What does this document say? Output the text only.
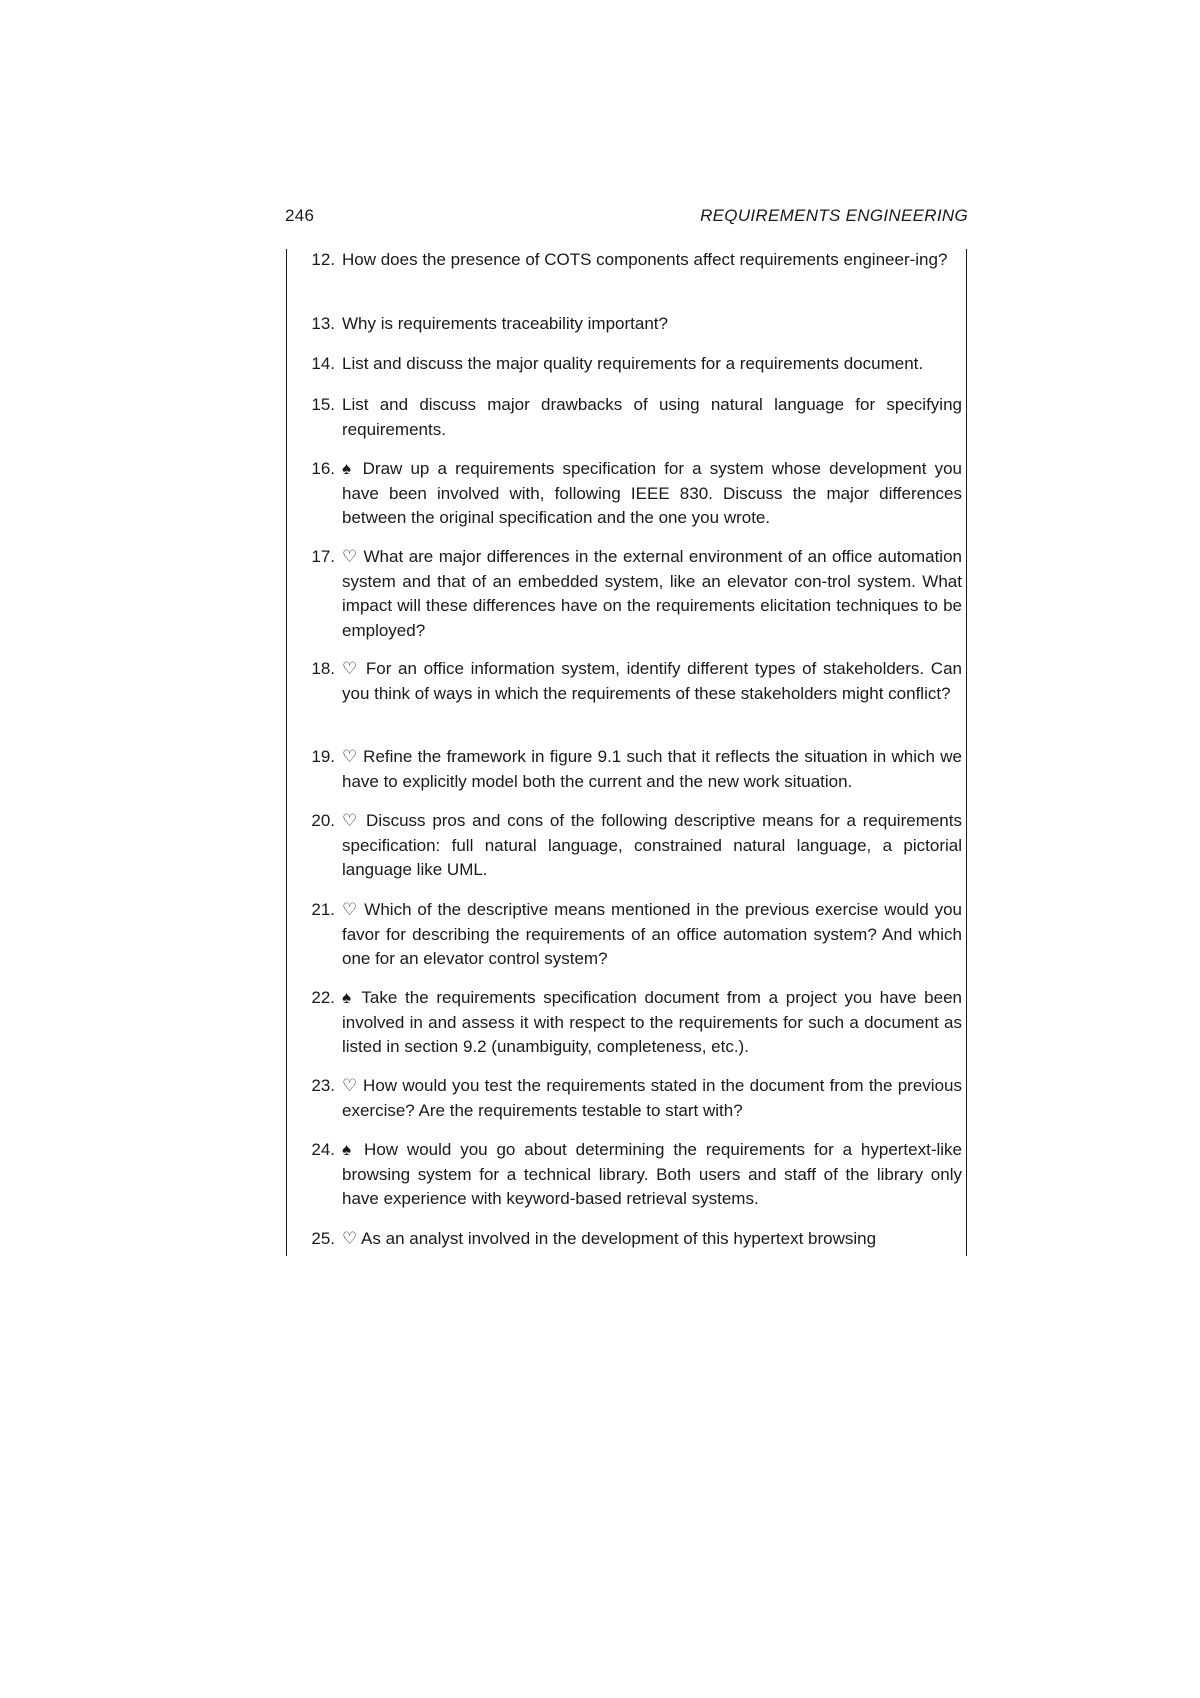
246	REQUIREMENTS ENGINEERING
12. How does the presence of COTS components affect requirements engineer-ing?
13. Why is requirements traceability important?
14. List and discuss the major quality requirements for a requirements document.
15. List and discuss major drawbacks of using natural language for specifying requirements.
16. ♠ Draw up a requirements specification for a system whose development you have been involved with, following IEEE 830. Discuss the major differences between the original specification and the one you wrote.
17. ♡ What are major differences in the external environment of an office automation system and that of an embedded system, like an elevator con-trol system. What impact will these differences have on the requirements elicitation techniques to be employed?
18. ♡ For an office information system, identify different types of stakeholders. Can you think of ways in which the requirements of these stakeholders might conflict?
19. ♡ Refine the framework in figure 9.1 such that it reflects the situation in which we have to explicitly model both the current and the new work situation.
20. ♡ Discuss pros and cons of the following descriptive means for a requirements specification: full natural language, constrained natural language, a pictorial language like UML.
21. ♡ Which of the descriptive means mentioned in the previous exercise would you favor for describing the requirements of an office automation system? And which one for an elevator control system?
22. ♠ Take the requirements specification document from a project you have been involved in and assess it with respect to the requirements for such a document as listed in section 9.2 (unambiguity, completeness, etc.).
23. ♡ How would you test the requirements stated in the document from the previous exercise? Are the requirements testable to start with?
24. ♠ How would you go about determining the requirements for a hypertext-like browsing system for a technical library. Both users and staff of the library only have experience with keyword-based retrieval systems.
25. ♡ As an analyst involved in the development of this hypertext browsing
